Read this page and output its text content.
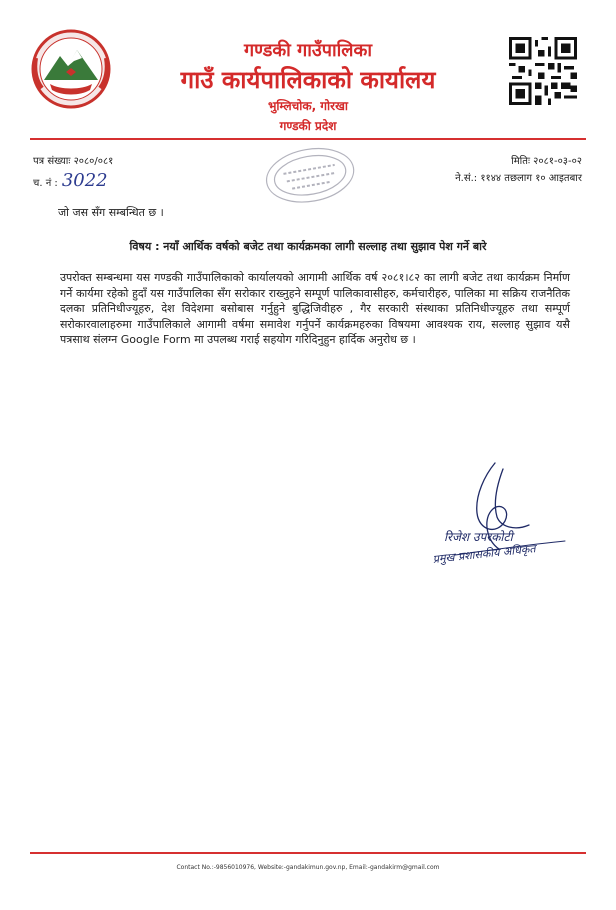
गण्डकी गाउँपालिका
गाउँ कार्यपालिकाको कार्यालय
भुम्लिचोक, गोरखा
गण्डकी प्रदेश
पत्र संख्याः २०८०/०८१
च. नं : 3022
मितिः २०८१-०३-०२
ने.सं.: ११४४ तछलाग १० आइतबार
जो जस सँग सम्बन्धित छ ।
विषय : नयाँ आर्थिक वर्षको बजेट तथा कार्यक्रमका लागी सल्लाह तथा सुझाव पेश गर्ने बारे
उपरोक्त सम्बन्धमा यस गण्डकी गाउँपालिकाको कार्यालयको आगामी आर्थिक वर्ष २०८१।८२ का लागी बजेट तथा कार्यक्रम निर्माण गर्ने कार्यमा रहेको हुदाँ यस गाउँपालिका सँग सरोकार राख्नुहने सम्पूर्ण पालिकावासीहरु, कर्मचारीहरु, पालिका मा सक्रिय राजनैतिक दलका प्रतिनिधीज्यूहरु, देश विदेशमा बसोबास गर्नुहुने बुद्धिजिवीहरु , गैर सरकारी संस्थाका प्रतिनिधीज्यूहरु तथा सम्पूर्ण सरोकारवालाहरुमा गाउँपालिकाले आगामी वर्षमा समावेश गर्नुपर्ने कार्यक्रमहरुका विषयमा आवश्यक राय, सल्लाह सुझाव यसै पत्रसाथ संलग्न Google Form मा उपलब्ध गराई सहयोग गरिदिनुहुन हार्दिक अनुरोध छ ।
रिजेश उपरकोटी
प्रमुख प्रशासकीय अधिकृत
Contact No.:-9856010976, Website:-gandakimun.gov.np, Email:-gandakirm@gmail.com
